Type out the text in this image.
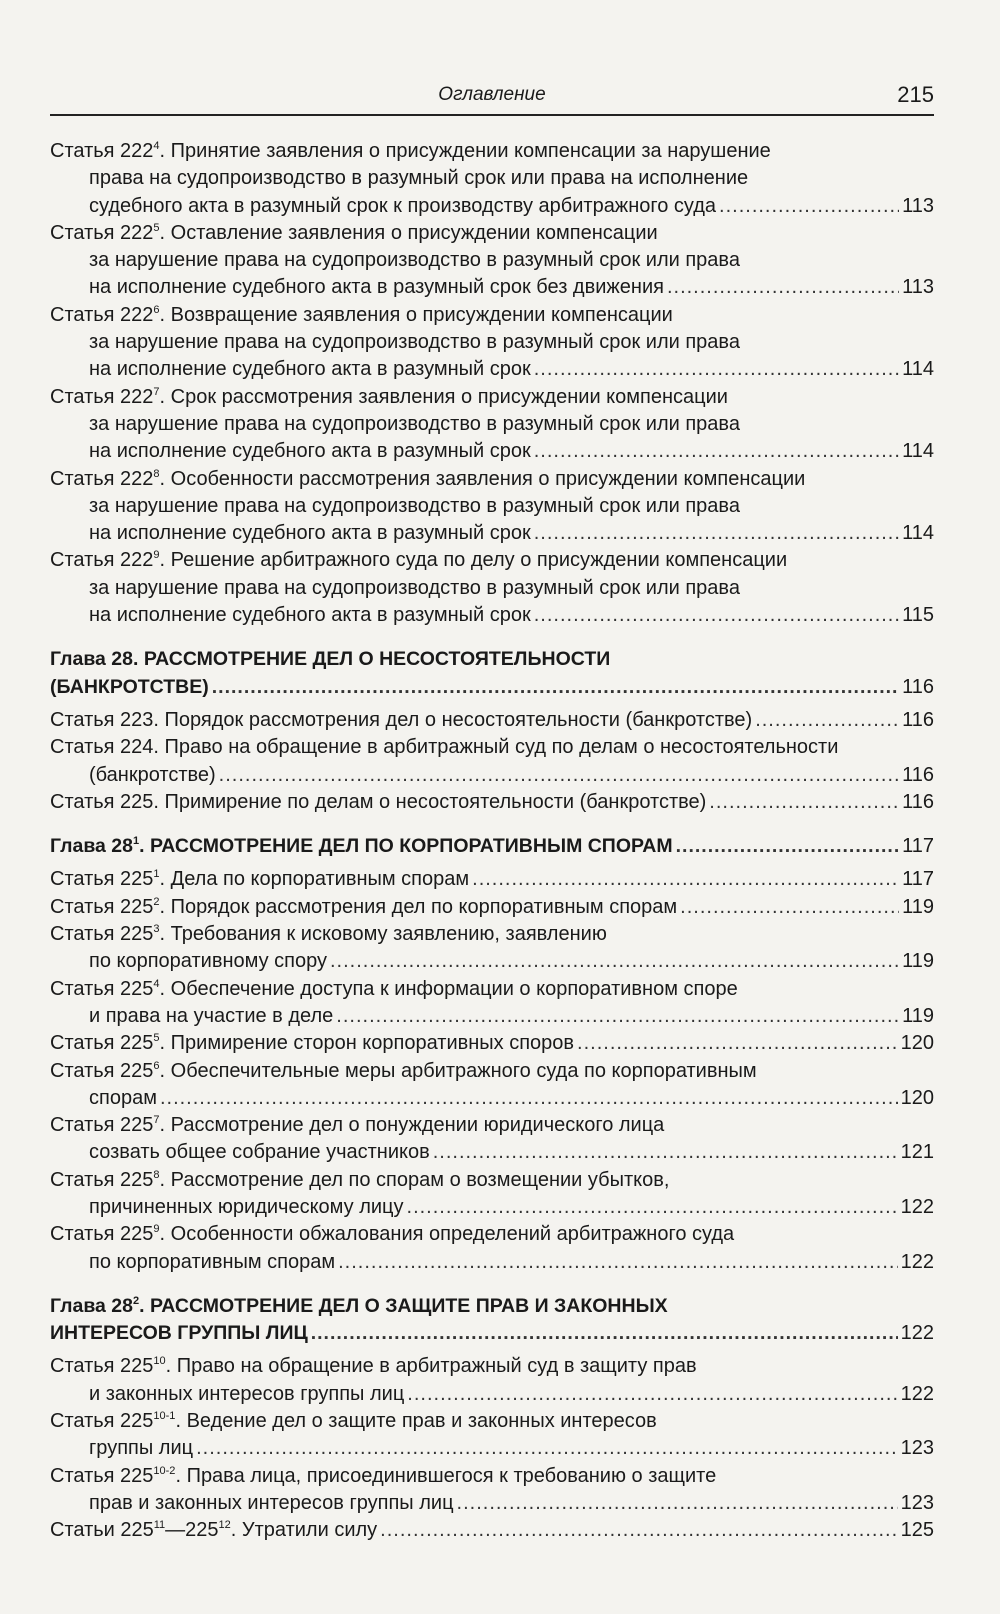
Оглавление	215
Статья $222^4$. Принятие заявления о присуждении компенсации за нарушение
права на судопроизводство в разумный срок или права на исполнение
судебного акта в разумный срок к производству арбитражного суда .....	113
Статья $222^5$. Оставление заявления о присуждении компенсации
за нарушение права на судопроизводство в разумный срок или права
на исполнение судебного акта в разумный срок без движения .....	113
Статья $222^6$. Возвращение заявления о присуждении компенсации
за нарушение права на судопроизводство в разумный срок или права
на исполнение судебного акта в разумный срок .....	114
Статья $222^7$. Срок рассмотрения заявления о присуждении компенсации
за нарушение права на судопроизводство в разумный срок или права
на исполнение судебного акта в разумный срок .....	114
Статья $222^8$. Особенности рассмотрения заявления о присуждении компенсации
за нарушение права на судопроизводство в разумный срок или права
на исполнение судебного акта в разумный срок .....	114
Статья $222^9$. Решение арбитражного суда по делу о присуждении компенсации
за нарушение права на судопроизводство в разумный срок или права
на исполнение судебного акта в разумный срок .....	115
Глава 28. РАССМОТРЕНИЕ ДЕЛ О НЕСОСТОЯТЕЛЬНОСТИ
(БАНКРОТСТВЕ) .....	116
Статья 223. Порядок рассмотрения дел о несостоятельности (банкротстве) .....	116
Статья 224. Право на обращение в арбитражный суд по делам о несостоятельности
(банкротстве) .....	116
Статья 225. Примирение по делам о несостоятельности (банкротстве) .....	116
Глава $28^1$. РАССМОТРЕНИЕ ДЕЛ ПО КОРПОРАТИВНЫМ СПОРАМ .....	117
Статья $225^1$. Дела по корпоративным спорам .....	117
Статья $225^2$. Порядок рассмотрения дел по корпоративным спорам .....	119
Статья $225^3$. Требования к исковому заявлению, заявлению
по корпоративному спору .....	119
Статья $225^4$. Обеспечение доступа к информации о корпоративном споре
и права на участие в деле .....	119
Статья $225^5$. Примирение сторон корпоративных споров .....	120
Статья $225^6$. Обеспечительные меры арбитражного суда по корпоративным
спорам .....	120
Статья $225^7$. Рассмотрение дел о понуждении юридического лица
созвать общее собрание участников .....	121
Статья $225^8$. Рассмотрение дел по спорам о возмещении убытков,
причиненных юридическому лицу .....	122
Статья $225^9$. Особенности обжалования определений арбитражного суда
по корпоративным спорам .....	122
Глава $28^2$. РАССМОТРЕНИЕ ДЕЛ О ЗАЩИТЕ ПРАВ И ЗАКОННЫХ
ИНТЕРЕСОВ ГРУППЫ ЛИЦ .....	122
Статья $225^{10}$. Право на обращение в арбитражный суд в защиту прав
и законных интересов группы лиц .....	122
Статья 225$^{10-1}$. Ведение дел о защите прав и законных интересов
группы лиц .....	123
Статья 225$^{10-2}$. Права лица, присоединившегося к требованию о защите
прав и законных интересов группы лиц .....	123
Статьи $225^{11}—225^{12}$. Утратили силу .....	125
